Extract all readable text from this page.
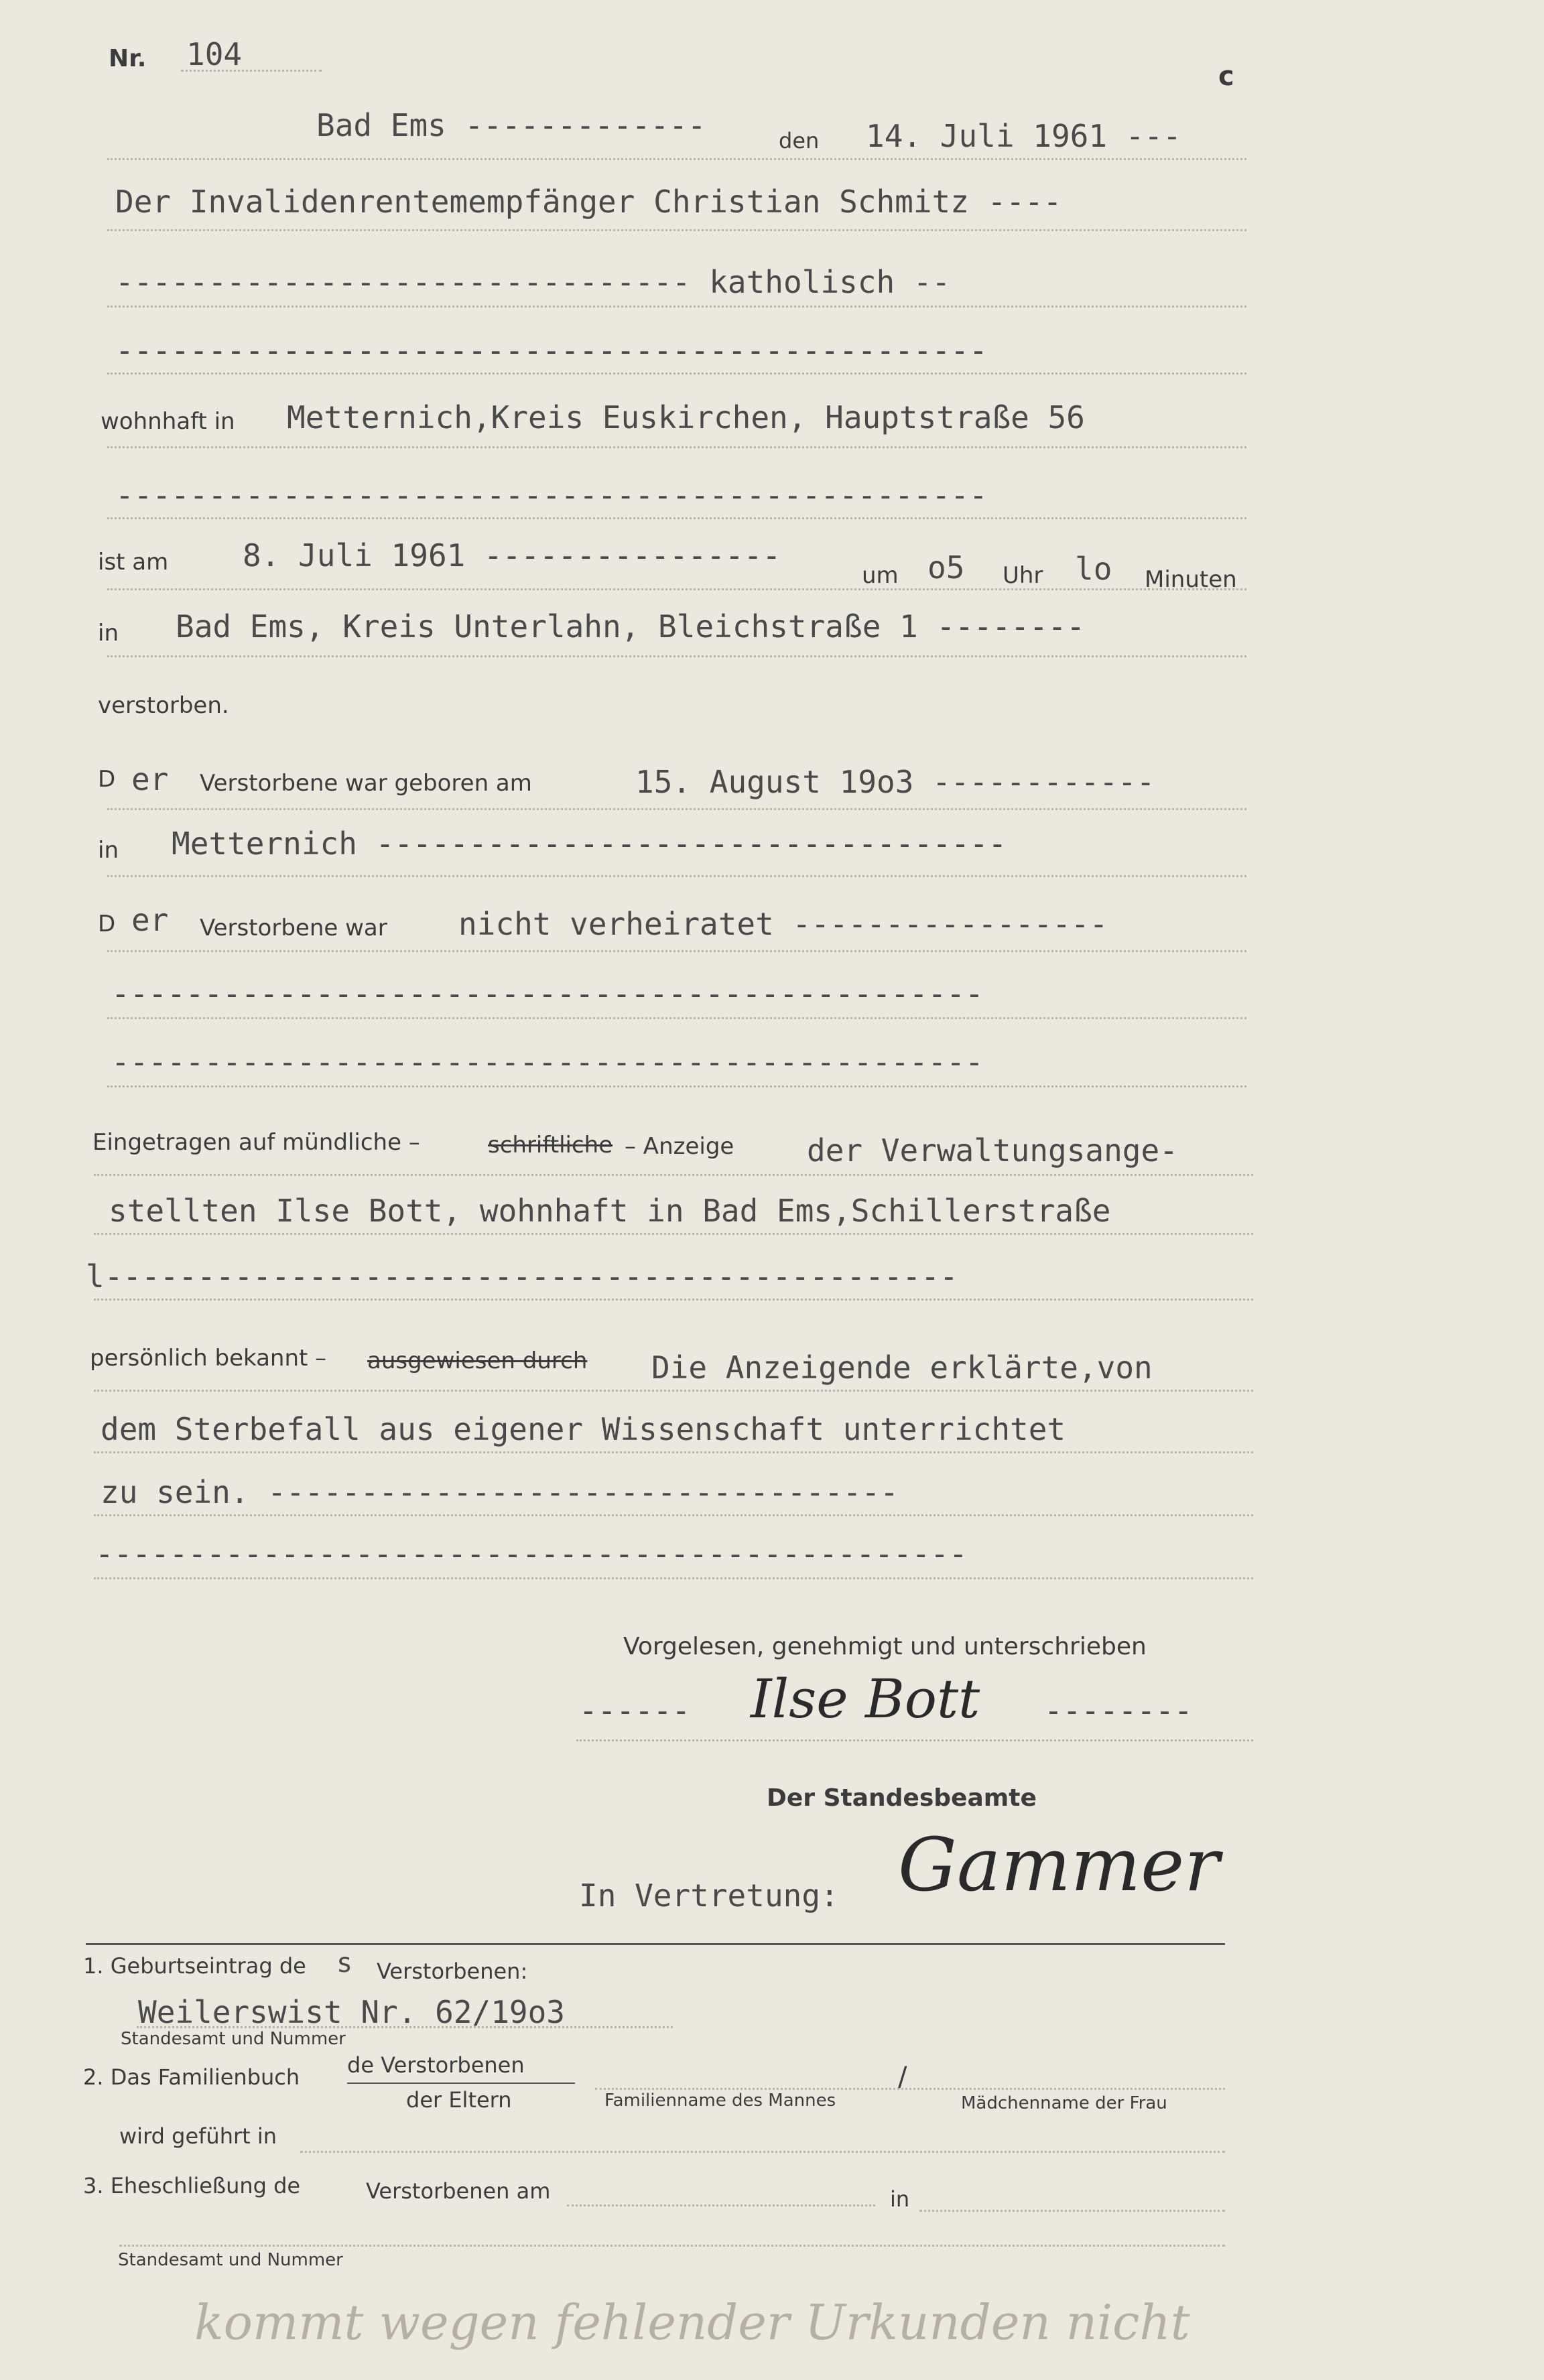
Nr. 104
c
Bad Ems -------------	den 14. Juli 1961 ---
Der Invalidenrentemempfänger Christian Schmitz ----
------------------------------- katholisch --
-----------------------------------------------
wohnhaft in Metternich,Kreis Euskirchen, Hauptstraße 56
-----------------------------------------------
ist am 8. Juli 1961 ----------------
um o5 Uhr lo Minuten
in Bad Ems, Kreis Unterlahn, Bleichstraße 1 --------
verstorben.
D er Verstorbene war geboren am	15. August 19o3 ------------
in Metternich ----------------------------------
D er Verstorbene war nicht verheiratet -----------------
-----------------------------------------------
-----------------------------------------------
Eingetragen auf mündliche –	schriftliche – Anzeige der Verwaltungsange-
stellten Ilse Bott, wohnhaft in Bad Ems,Schillerstraße
l----------------------------------------------
persönlich bekannt – ausgewiesen durch Die Anzeigende erklärte,von
dem Sterbefall aus eigener Wissenschaft unterrichtet
zu sein. ----------------------------------
-----------------------------------------------
Vorgelesen, genehmigt und unterschrieben
------ Ilse Bott --------
Der Standesbeamte
In Vertretung: Gammer
1. Geburtseintrag de s Verstorbenen:
Weilerswist Nr. 62/19o3
Standesamt und Nummer
2. Das Familienbuch de Verstorbenen
der Eltern	Familienname des Mannes
/
Mädchenname der Frau
wird geführt in
3. Eheschließung de	Verstorbenen am	in
Standesamt und Nummer
kommt wegen fehlender Urkunden nicht
